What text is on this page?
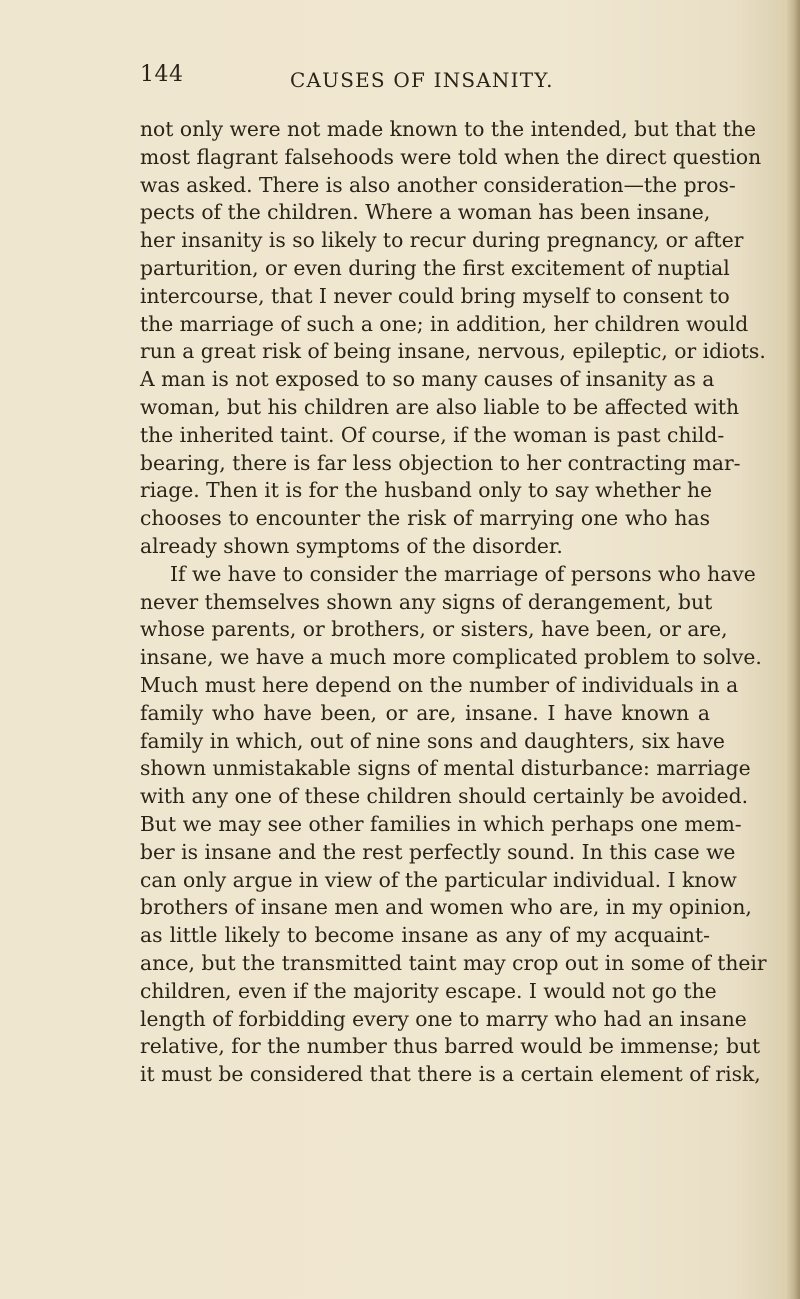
144	CAUSES OF INSANITY.
not only were not made known to the intended, but that the
most flagrant falsehoods were told when the direct question
was asked. There is also another consideration—the pros-
pects of the children. Where a woman has been insane,
her insanity is so likely to recur during pregnancy, or after
parturition, or even during the first excitement of nuptial
intercourse, that I never could bring myself to consent to
the marriage of such a one; in addition, her children would
run a great risk of being insane, nervous, epileptic, or idiots.
A man is not exposed to so many causes of insanity as a
woman, but his children are also liable to be affected with
the inherited taint. Of course, if the woman is past child-
bearing, there is far less objection to her contracting mar-
riage. Then it is for the husband only to say whether he
chooses to encounter the risk of marrying one who has
already shown symptoms of the disorder.
If we have to consider the marriage of persons who have
never themselves shown any signs of derangement, but
whose parents, or brothers, or sisters, have been, or are,
insane, we have a much more complicated problem to solve.
Much must here depend on the number of individuals in a
family who have been, or are, insane. I have known a
family in which, out of nine sons and daughters, six have
shown unmistakable signs of mental disturbance: marriage
with any one of these children should certainly be avoided.
But we may see other families in which perhaps one mem-
ber is insane and the rest perfectly sound. In this case we
can only argue in view of the particular individual. I know
brothers of insane men and women who are, in my opinion,
as little likely to become insane as any of my acquaint-
ance, but the transmitted taint may crop out in some of their
children, even if the majority escape. I would not go the
length of forbidding every one to marry who had an insane
relative, for the number thus barred would be immense; but
it must be considered that there is a certain element of risk,
